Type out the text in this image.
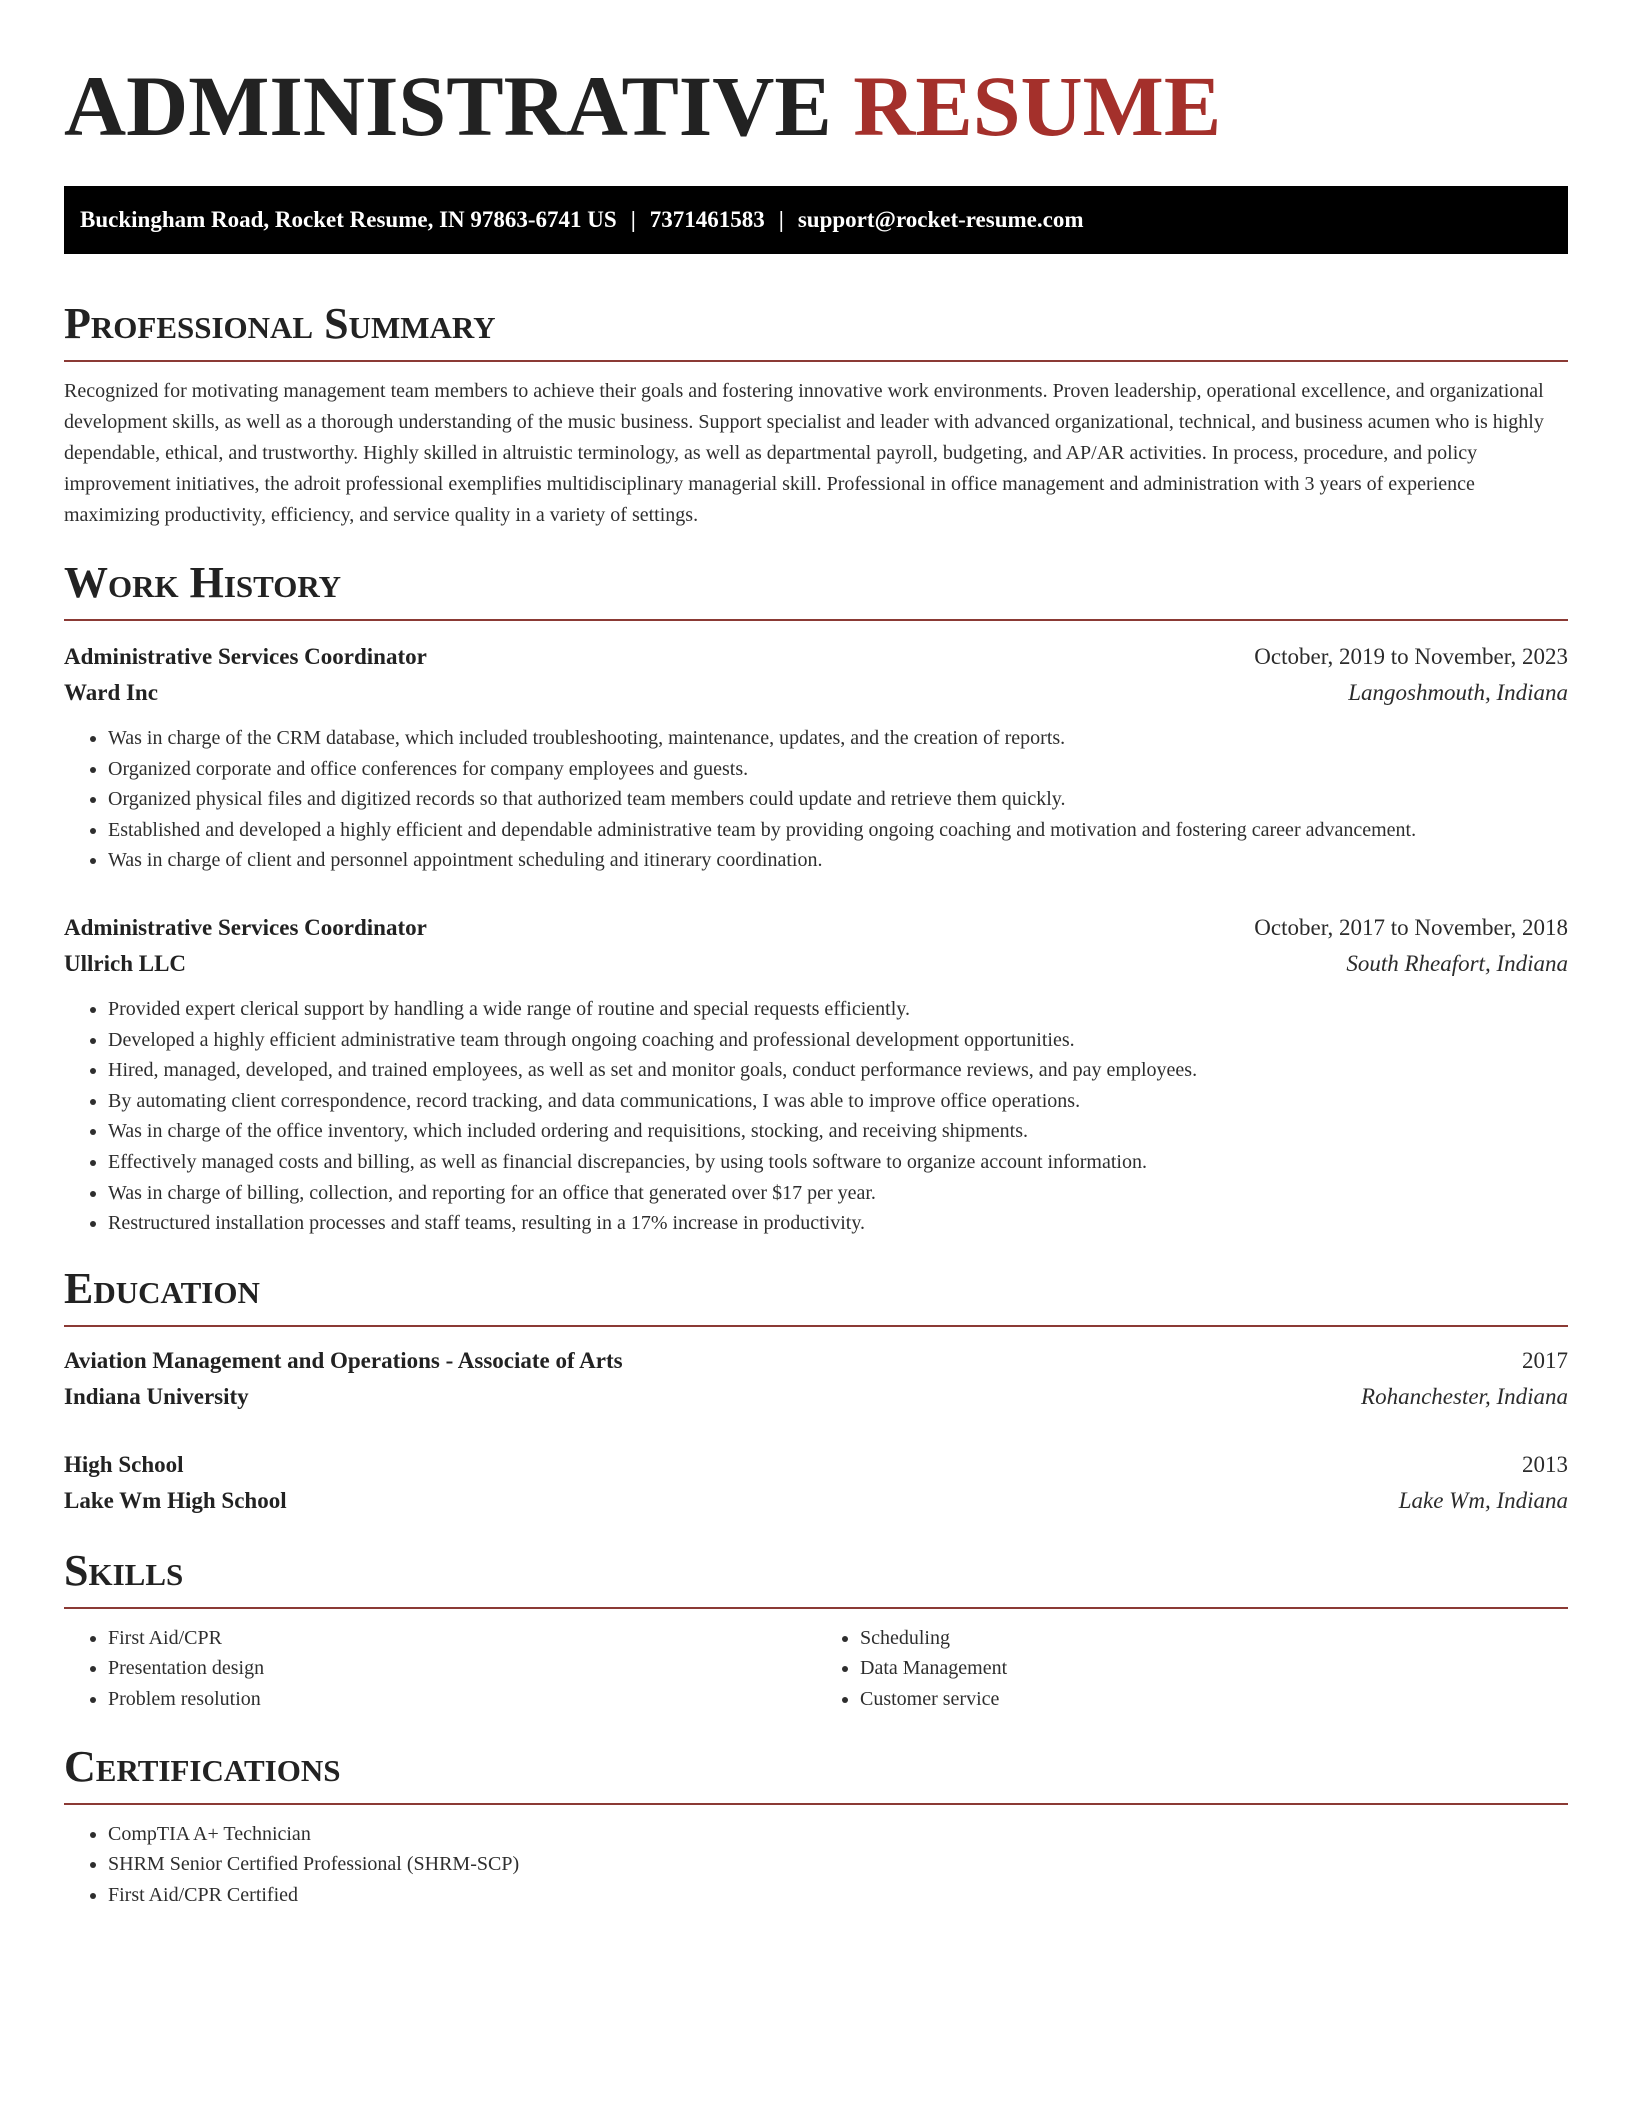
ADMINISTRATIVE RESUME
Buckingham Road, Rocket Resume, IN 97863-6741 US | 7371461583 | support@rocket-resume.com
Professional Summary

Recognized for motivating management team members to achieve their goals and fostering innovative work environments. Proven leadership, operational excellence, and organizational development skills, as well as a thorough understanding of the music business. Support specialist and leader with advanced organizational, technical, and business acumen who is highly dependable, ethical, and trustworthy. Highly skilled in altruistic terminology, as well as departmental payroll, budgeting, and AP/AR activities. In process, procedure, and policy improvement initiatives, the adroit professional exemplifies multidisciplinary managerial skill. Professional in office management and administration with 3 years of experience maximizing productivity, efficiency, and service quality in a variety of settings.

Work History
Administrative Services Coordinator	October, 2019 to November, 2023
Ward Inc	Langoshmouth, Indiana
• Was in charge of the CRM database, which included troubleshooting, maintenance, updates, and the creation of reports.
• Organized corporate and office conferences for company employees and guests.
• Organized physical files and digitized records so that authorized team members could update and retrieve them quickly.
• Established and developed a highly efficient and dependable administrative team by providing ongoing coaching and motivation and fostering career advancement.
• Was in charge of client and personnel appointment scheduling and itinerary coordination.
Administrative Services Coordinator	October, 2017 to November, 2018
Ullrich LLC	South Rheafort, Indiana
• Provided expert clerical support by handling a wide range of routine and special requests efficiently.
• Developed a highly efficient administrative team through ongoing coaching and professional development opportunities.
• Hired, managed, developed, and trained employees, as well as set and monitor goals, conduct performance reviews, and pay employees.
• By automating client correspondence, record tracking, and data communications, I was able to improve office operations.
• Was in charge of the office inventory, which included ordering and requisitions, stocking, and receiving shipments.
• Effectively managed costs and billing, as well as financial discrepancies, by using tools software to organize account information.
• Was in charge of billing, collection, and reporting for an office that generated over $17 per year.
• Restructured installation processes and staff teams, resulting in a 17% increase in productivity.
Education
Aviation Management and Operations - Associate of Arts	2017
Indiana University	Rohanchester, Indiana
High School	2013
Lake Wm High School	Lake Wm, Indiana
Skills
• First Aid/CPR
• Presentation design
• Problem resolution
• Scheduling
• Data Management
• Customer service
Certifications
• CompTIA A+ Technician
• SHRM Senior Certified Professional (SHRM-SCP)
• First Aid/CPR Certified
